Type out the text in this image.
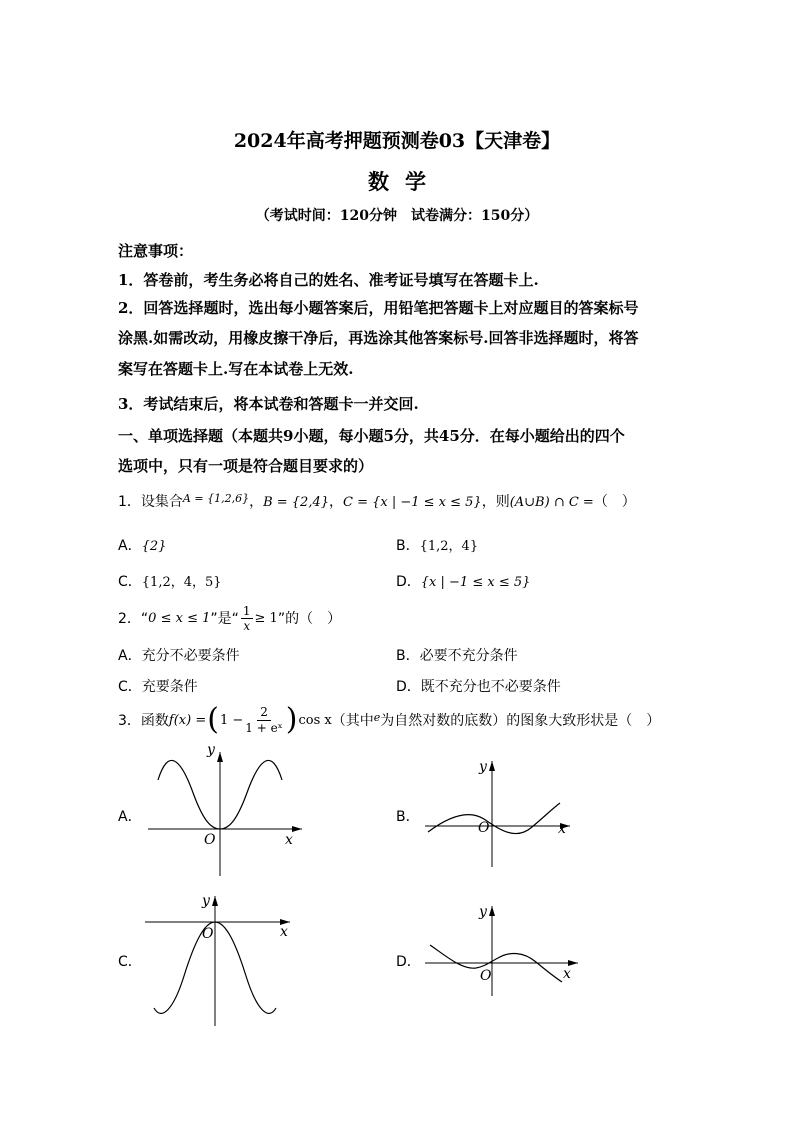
2024年高考押题预测卷03【天津卷】
数学
（考试时间：120分钟　试卷满分：150分）
注意事项：
1．答卷前，考生务必将自己的姓名、准考证号填写在答题卡上.
2．回答选择题时，选出每小题答案后，用铅笔把答题卡上对应题目的答案标号
涂黑.如需改动，用橡皮擦干净后，再选涂其他答案标号.回答非选择题时，将答
案写在答题卡上.写在本试卷上无效.
3．考试结束后，将本试卷和答题卡一并交回.
一、单项选择题（本题共9小题，每小题5分，共45分．在每小题给出的四个
选项中，只有一项是符合题目要求的）
1．设集合$^{A = \{1,2,6\}}$，B = {2,4}，C = {x | −1 ≤ x ≤ 5}，则(A∪B) ∩ C =（　）
A．{2}	B．{1,2，4}
C．{1,2，4，5}	D．{x | −1 ≤ x ≤ 5}
2．“ 0 ≤ x ≤ 1 ”是“ $\frac{1}{x} \ge 1$ ”的（　）
A．充分不必要条件	B．必要不充分条件
C．充要条件	D．既不充分也不必要条件
3．函数 f(x) = ( $1 - \frac{2}{\text{1 + eˣ}}$ ) cos x （其中 e 为自然对数的底数）的图象大致形状是（　）
A．	B．
C．	D．
y
x
O
y
x
O
y
x
O
y
x
O
